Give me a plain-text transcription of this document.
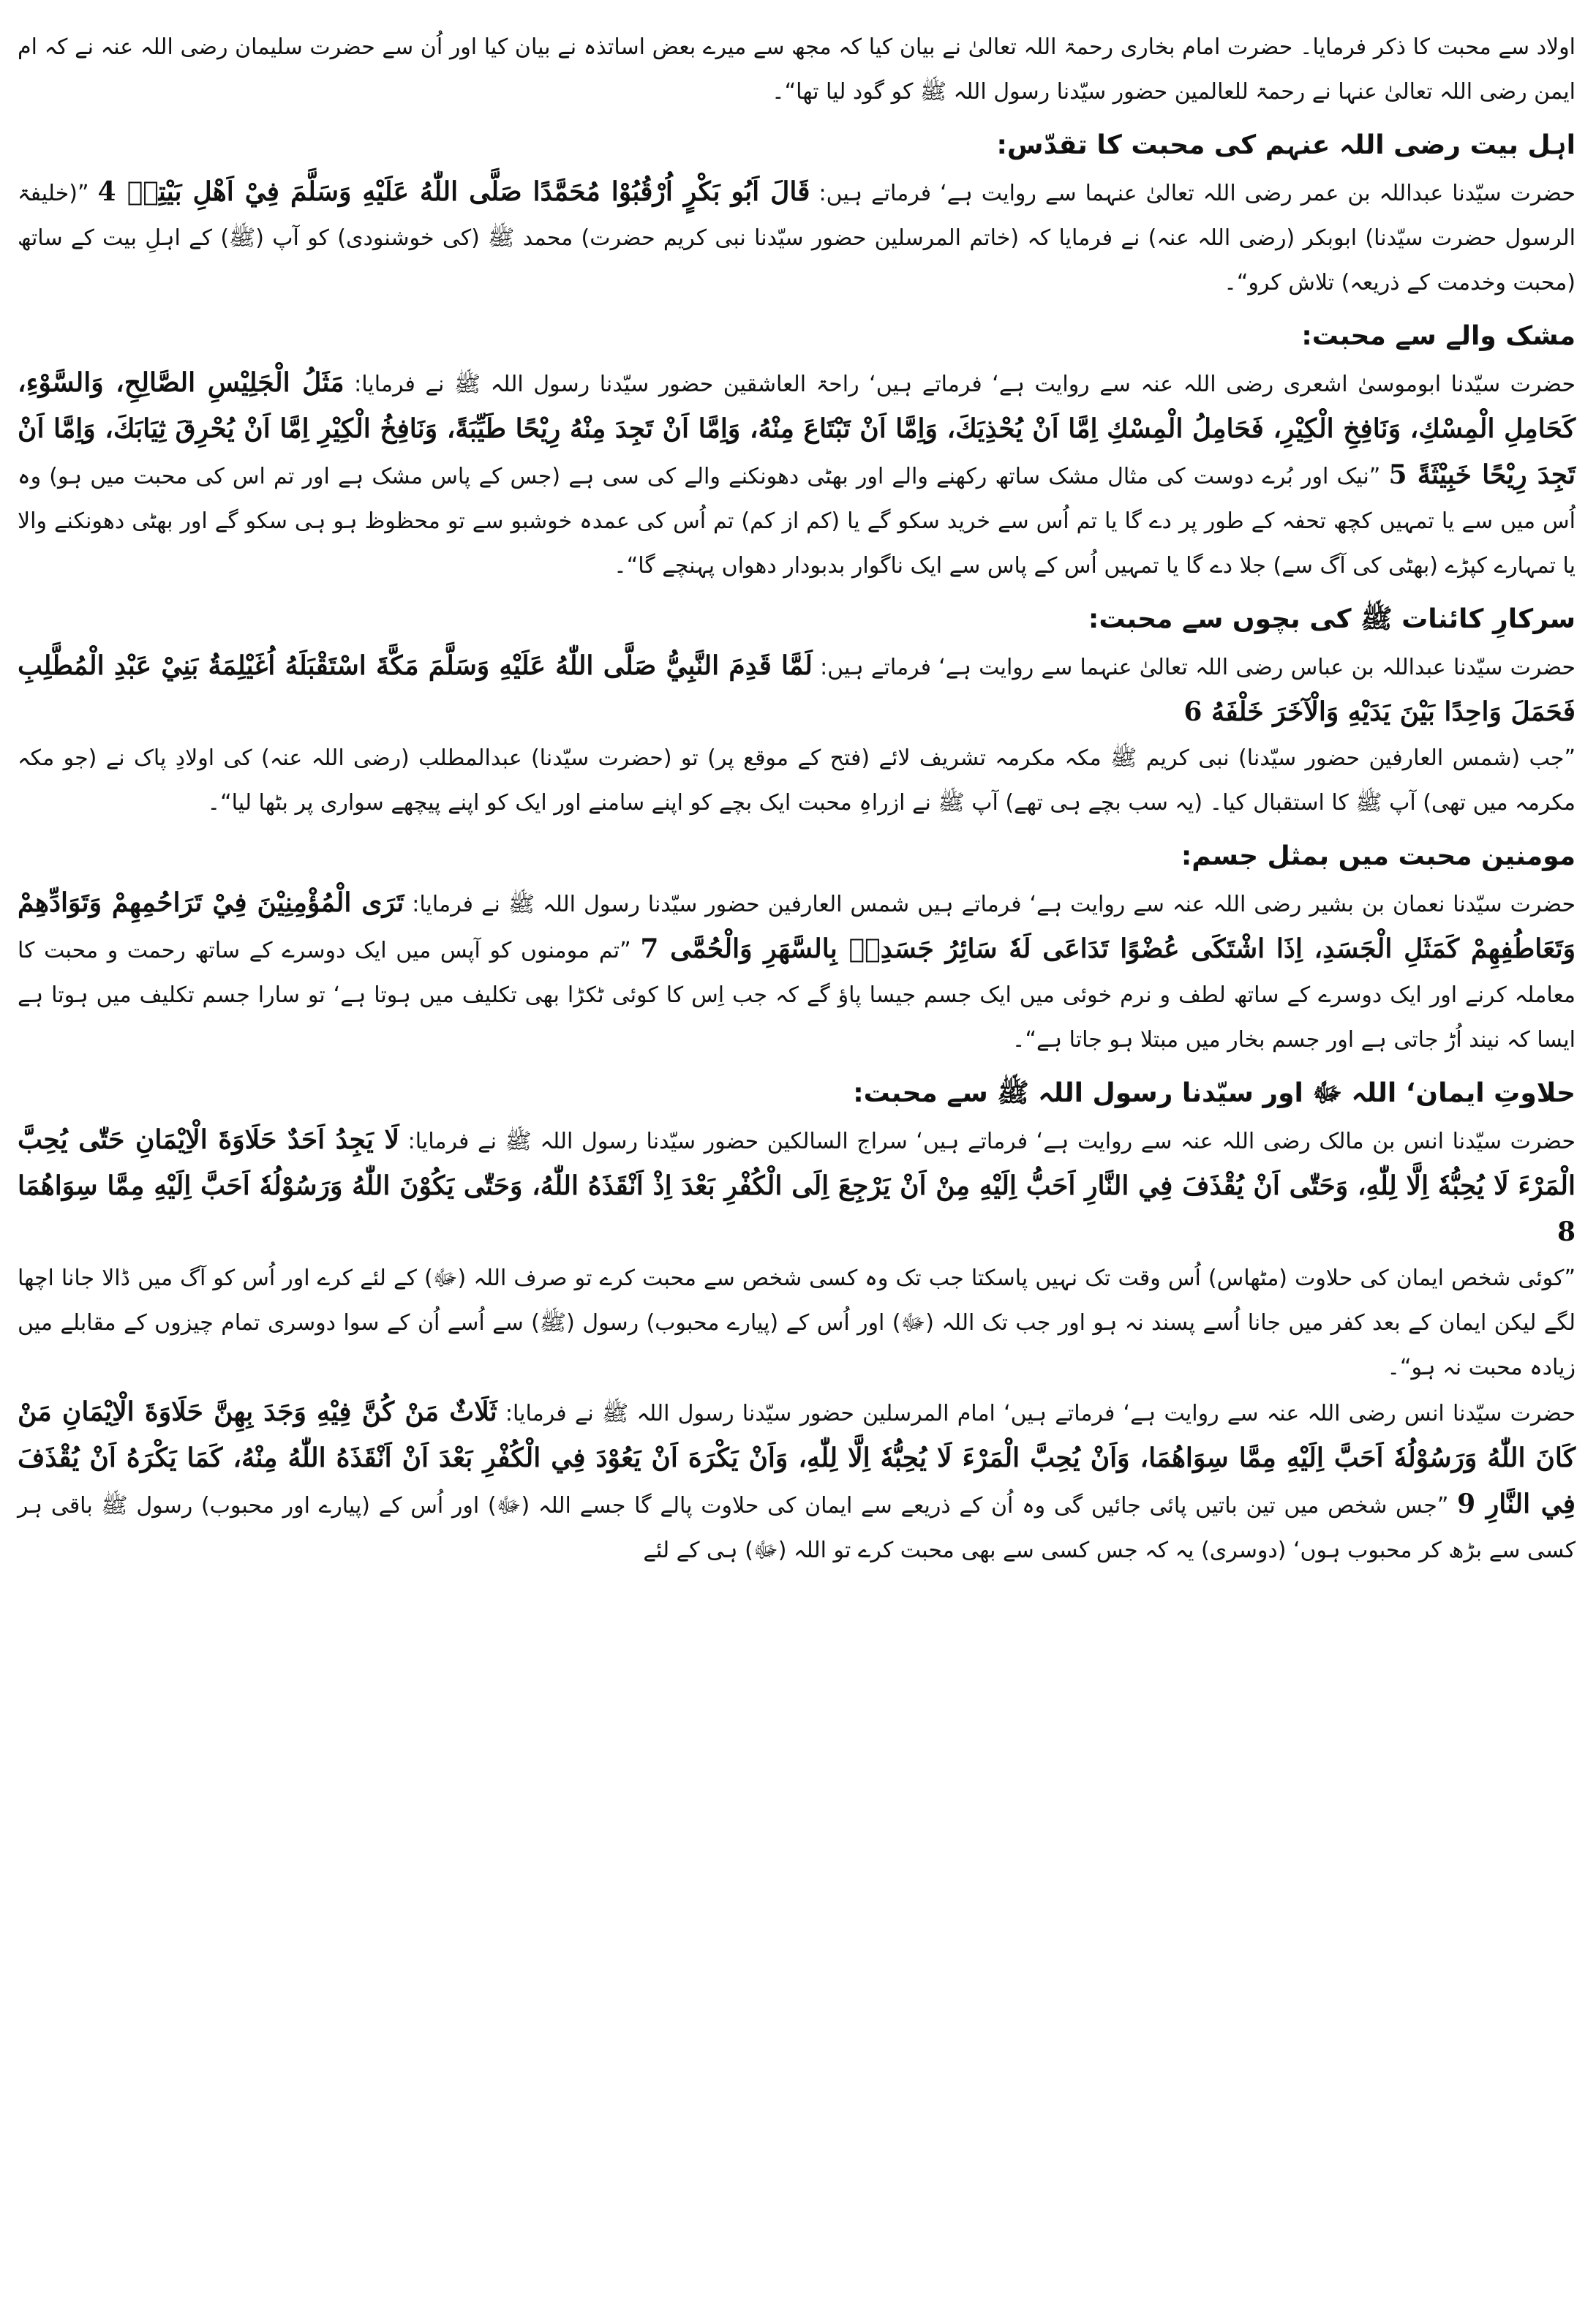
اولاد سے محبت کا ذکر فرمایا۔ حضرت امام بخاری رحمۃ اللہ تعالیٰ نے بیان کیا کہ مجھ سے میرے بعض اساتذہ نے بیان کیا اور اُن سے حضرت سلیمان رضی اللہ عنہ نے کہ ام ایمن رضی اللہ تعالیٰ عنہا نے رحمۃ للعالمین حضور سیّدنا رسول اللہ ﷺ کو گود لیا تھا“۔

اہل بیت رضی اللہ عنہم کی محبت کا تقدّس:

حضرت سیّدنا عبداللہ بن عمر رضی اللہ تعالیٰ عنہما سے روایت ہے‘ فرماتے ہیں: قَالَ اَبُو بَكْرٍ اُرْقُبُوْا مُحَمَّدًا صَلَّى اللّٰهُ عَلَيْهِ وَسَلَّمَ فِيْ اَهْلِ بَيْتِهٖ 4 ”(خلیفۃ الرسول حضرت سیّدنا) ابوبکر (رضی اللہ عنہ) نے فرمایا کہ (خاتم المرسلین حضور سیّدنا نبی کریم حضرت) محمد ﷺ (کی خوشنودی) کو آپ (ﷺ) کے اہلِ بیت کے ساتھ (محبت وخدمت کے ذریعہ) تلاش کرو“۔

مشک والے سے محبت:

حضرت سیّدنا ابوموسیٰ اشعری رضی اللہ عنہ سے روایت ہے‘ فرماتے ہیں‘ راحۃ العاشقین حضور سیّدنا رسول اللہ ﷺ نے فرمایا: مَثَلُ الْجَلِيْسِ الصَّالِحِ، وَالسَّوْءِ، كَحَامِلِ الْمِسْكِ، وَنَافِخِ الْكِيْرِ، فَحَامِلُ الْمِسْكِ اِمَّا اَنْ يُحْذِيَكَ، وَاِمَّا اَنْ تَبْتَاعَ مِنْهُ، وَاِمَّا اَنْ تَجِدَ مِنْهُ رِيْحًا طَيِّبَةً، وَنَافِخُ الْكِيْرِ اِمَّا اَنْ يُحْرِقَ ثِيَابَكَ، وَاِمَّا اَنْ تَجِدَ رِيْحًا خَبِيْثَةً 5 ”نیک اور بُرے دوست کی مثال مشک ساتھ رکھنے والے اور بھٹی دھونکنے والے کی سی ہے (جس کے پاس مشک ہے اور تم اس کی محبت میں ہو) وہ اُس میں سے یا تمہیں کچھ تحفہ کے طور پر دے گا یا تم اُس سے خرید سکو گے یا (کم از کم) تم اُس کی عمدہ خوشبو سے تو محظوظ ہو ہی سکو گے اور بھٹی دھونکنے والا یا تمہارے کپڑے (بھٹی کی آگ سے) جلا دے گا یا تمہیں اُس کے پاس سے ایک ناگوار بدبودار دھواں پہنچے گا“۔

سرکارِ کائنات ﷺ کی بچوں سے محبت:

حضرت سیّدنا عبداللہ بن عباس رضی اللہ تعالیٰ عنہما سے روایت ہے‘ فرماتے ہیں: لَمَّا قَدِمَ النَّبِيُّ صَلَّى اللّٰهُ عَلَيْهِ وَسَلَّمَ مَكَّةَ اسْتَقْبَلَهُ اُغَيْلِمَةُ بَنِيْ عَبْدِ الْمُطَّلِبِ فَحَمَلَ وَاحِدًا بَيْنَ يَدَيْهِ وَالْآخَرَ خَلْفَهُ 6
”جب (شمس العارفین حضور سیّدنا) نبی کریم ﷺ مکہ مکرمہ تشریف لائے (فتح کے موقع پر) تو (حضرت سیّدنا) عبدالمطلب (رضی اللہ عنہ) کی اولادِ پاک نے (جو مکہ مکرمہ میں تھی) آپ ﷺ کا استقبال کیا۔ (یہ سب بچے ہی تھے) آپ ﷺ نے ازراہِ محبت ایک بچے کو اپنے سامنے اور ایک کو اپنے پیچھے سواری پر بٹھا لیا“۔

مومنین محبت میں بمثل جسم:

حضرت سیّدنا نعمان بن بشیر رضی اللہ عنہ سے روایت ہے‘ فرماتے ہیں شمس العارفین حضور سیّدنا رسول اللہ ﷺ نے فرمایا: تَرَى الْمُؤْمِنِيْنَ فِيْ تَرَاحُمِهِمْ وَتَوَادِّهِمْ وَتَعَاطُفِهِمْ كَمَثَلِ الْجَسَدِ، اِذَا اشْتَكَى عُضْوًا تَدَاعَى لَهٗ سَائِرُ جَسَدِهٖ بِالسَّهَرِ وَالْحُمَّى 7 ”تم مومنوں کو آپس میں ایک دوسرے کے ساتھ رحمت و محبت کا معاملہ کرنے اور ایک دوسرے کے ساتھ لطف و نرم خوئی میں ایک جسم جیسا پاؤ گے کہ جب اِس کا کوئی ٹکڑا بھی تکلیف میں ہوتا ہے‘ تو سارا جسم تکلیف میں ہوتا ہے ایسا کہ نیند اُڑ جاتی ہے اور جسم بخار میں مبتلا ہو جاتا ہے“۔

حلاوتِ ایمان‘ اللہ ﷻ اور سیّدنا رسول اللہ ﷺ سے محبت:

حضرت سیّدنا انس بن مالک رضی اللہ عنہ سے روایت ہے‘ فرماتے ہیں‘ سراج السالکین حضور سیّدنا رسول اللہ ﷺ نے فرمایا: لَا يَجِدُ اَحَدٌ حَلَاوَةَ الْاِيْمَانِ حَتّٰى يُحِبَّ الْمَرْءَ لَا يُحِبُّهٗ اِلَّا لِلّٰهِ، وَحَتّٰى اَنْ يُقْذَفَ فِي النَّارِ اَحَبُّ اِلَيْهِ مِنْ اَنْ يَرْجِعَ اِلَى الْكُفْرِ بَعْدَ اِذْ اَنْقَذَهُ اللّٰهُ، وَحَتّٰى يَكُوْنَ اللّٰهُ وَرَسُوْلُهٗ اَحَبَّ اِلَيْهِ مِمَّا سِوَاهُمَا 8
”کوئی شخص ایمان کی حلاوت (مٹھاس) اُس وقت تک نہیں پاسکتا جب تک وہ کسی شخص سے محبت کرے تو صرف اللہ (ﷻ) کے لئے کرے اور اُس کو آگ میں ڈالا جانا اچھا لگے لیکن ایمان کے بعد کفر میں جانا اُسے پسند نہ ہو اور جب تک اللہ (ﷻ) اور اُس کے (پیارے محبوب) رسول (ﷺ) سے اُسے اُن کے سوا دوسری تمام چیزوں کے مقابلے میں زیادہ محبت نہ ہو“۔

حضرت سیّدنا انس رضی اللہ عنہ سے روایت ہے‘ فرماتے ہیں‘ امام المرسلین حضور سیّدنا رسول اللہ ﷺ نے فرمایا: ثَلَاثٌ مَنْ كُنَّ فِيْهِ وَجَدَ بِهِنَّ حَلَاوَةَ الْاِيْمَانِ مَنْ كَانَ اللّٰهُ وَرَسُوْلُهٗ اَحَبَّ اِلَيْهِ مِمَّا سِوَاهُمَا، وَاَنْ يُحِبَّ الْمَرْءَ لَا يُحِبُّهٗ اِلَّا لِلّٰهِ، وَاَنْ يَكْرَهَ اَنْ يَعُوْدَ فِي الْكُفْرِ بَعْدَ اَنْ اَنْقَذَهُ اللّٰهُ مِنْهُ، كَمَا يَكْرَهُ اَنْ يُقْذَفَ فِي النَّارِ 9 ”جس شخص میں تین باتیں پائی جائیں گی وہ اُن کے ذریعے سے ایمان کی حلاوت پالے گا جسے اللہ (ﷻ) اور اُس کے (پیارے اور محبوب) رسول ﷺ باقی ہر کسی سے بڑھ کر محبوب ہوں‘ (دوسری) یہ کہ جس کسی سے بھی محبت کرے تو اللہ (ﷻ) ہی کے لئے
